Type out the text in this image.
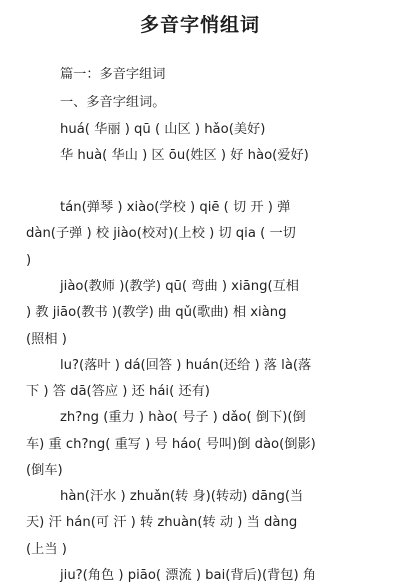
多音字悄组词
篇一：多音字组词
一、多音字组词。
huá( 华丽 ) qū ( 山区 ) hǎo(美好)
华 huà( 华山 ) 区 ōu(姓区 ) 好 hào(爱好)
tán(弹琴 ) xiào(学校 ) qiē ( 切 开 ) 弹
dàn(子弹 ) 校 jiào(校对)(上校 ) 切 qia ( 一切
)
jiào(教师 )(教学) qū( 弯曲 ) xiāng(互相
) 教 jiāo(教书 )(教学) 曲 qǔ(歌曲) 相 xiàng
(照相 )
lu?(落叶 ) dá(回答 ) huán(还给 ) 落 là(落
下 ) 答 dā(答应 ) 还 hái( 还有)
zh?ng (重力 ) hào( 号子 ) dǎo( 倒下)(倒
车) 重 ch?ng( 重写 ) 号 háo( 号叫)倒 dào(倒影)
(倒车)
hàn(汗水 ) zhuǎn(转 身)(转动) dāng(当
天) 汗 hán(可 汗 ) 转 zhuàn(转 动 ) 当 dàng
(上当 )
jiu?(角色 ) piāo( 漂流 ) bai(背后)(背包) 角
